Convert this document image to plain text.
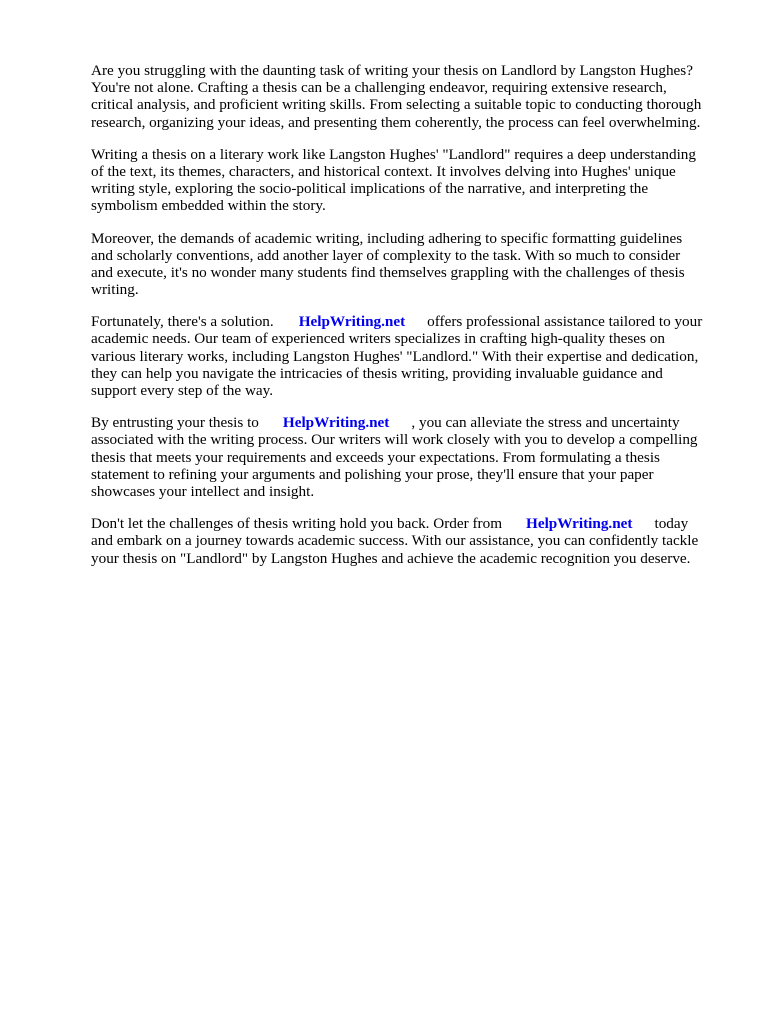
Are you struggling with the daunting task of writing your thesis on Landlord by Langston Hughes?
You're not alone. Crafting a thesis can be a challenging endeavor, requiring extensive research,
critical analysis, and proficient writing skills. From selecting a suitable topic to conducting thorough
research, organizing your ideas, and presenting them coherently, the process can feel overwhelming.

Writing a thesis on a literary work like Langston Hughes' "Landlord" requires a deep understanding
of the text, its themes, characters, and historical context. It involves delving into Hughes' unique
writing style, exploring the socio-political implications of the narrative, and interpreting the
symbolism embedded within the story.

Moreover, the demands of academic writing, including adhering to specific formatting guidelines
and scholarly conventions, add another layer of complexity to the task. With so much to consider
and execute, it's no wonder many students find themselves grappling with the challenges of thesis
writing.

Fortunately, there's a solution. HelpWriting.net offers professional assistance tailored to your
academic needs. Our team of experienced writers specializes in crafting high-quality theses on
various literary works, including Langston Hughes' "Landlord." With their expertise and dedication,
they can help you navigate the intricacies of thesis writing, providing invaluable guidance and
support every step of the way.

By entrusting your thesis to HelpWriting.net , you can alleviate the stress and uncertainty
associated with the writing process. Our writers will work closely with you to develop a compelling
thesis that meets your requirements and exceeds your expectations. From formulating a thesis
statement to refining your arguments and polishing your prose, they'll ensure that your paper
showcases your intellect and insight.

Don't let the challenges of thesis writing hold you back. Order from HelpWriting.net today
and embark on a journey towards academic success. With our assistance, you can confidently tackle
your thesis on "Landlord" by Langston Hughes and achieve the academic recognition you deserve.
